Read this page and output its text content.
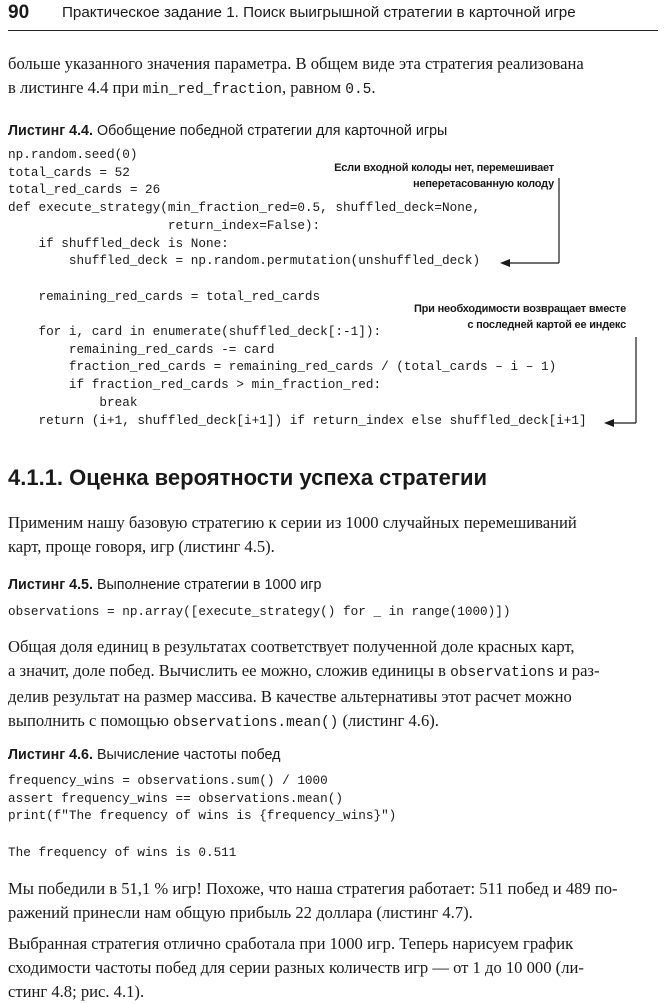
90 Практическое задание 1. Поиск выигрышной стратегии в карточной игре
больше указанного значения параметра. В общем виде эта стратегия реализована
в листинге 4.4 при min_red_fraction, равном 0.5.
Листинг 4.4. Обобщение победной стратегии для карточной игры
np.random.seed(0)
total_cards = 52
total_red_cards = 26
def execute_strategy(min_fraction_red=0.5, shuffled_deck=None,
return_index=False):
if shuffled_deck is None:
shuffled_deck = np.random.permutation(unshuffled_deck)

remaining_red_cards = total_red_cards

for i, card in enumerate(shuffled_deck[:-1]):
remaining_red_cards -= card
fraction_red_cards = remaining_red_cards / (total_cards – i – 1)
if fraction_red_cards > min_fraction_red:
break
return (i+1, shuffled_deck[i+1]) if return_index else shuffled_deck[i+1]
Если входной колоды нет, перемешивает
неперетасованную колоду
При необходимости возвращает вместе
с последней картой ее индекс
4.1.1. Оценка вероятности успеха стратегии
Применим нашу базовую стратегию к серии из 1000 случайных перемешиваний
карт, проще говоря, игр (листинг 4.5).
Листинг 4.5. Выполнение стратегии в 1000 игр
observations = np.array([execute_strategy() for _ in range(1000)])
Общая доля единиц в результатах соответствует полученной доле красных карт,
а значит, доле побед. Вычислить ее можно, сложив единицы в observations и раз-
делив результат на размер массива. В качестве альтернативы этот расчет можно
выполнить с помощью observations.mean() (листинг 4.6).
Листинг 4.6. Вычисление частоты побед
frequency_wins = observations.sum() / 1000
assert frequency_wins == observations.mean()
print(f"The frequency of wins is {frequency_wins}")
The frequency of wins is 0.511
Мы победили в 51,1 % игр! Похоже, что наша стратегия работает: 511 побед и 489 по-
ражений принесли нам общую прибыль 22 доллара (листинг 4.7).
Выбранная стратегия отлично сработала при 1000 игр. Теперь нарисуем график
сходимости частоты побед для серии разных количеств игр — от 1 до 10 000 (ли-
стинг 4.8; рис. 4.1).
